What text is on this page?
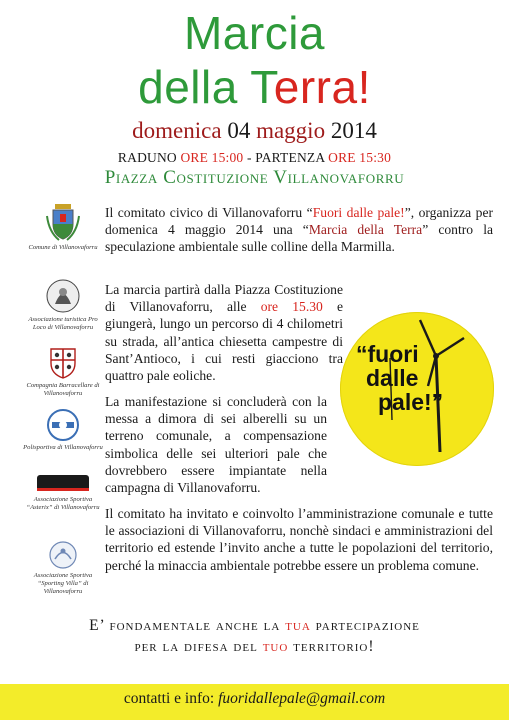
Marcia
della Terra!
domenica 04 maggio 2014
RADUNO ORE 15:00 - PARTENZA ORE 15:30
Piazza Costituzione Villanovaforru
Comune di Villanovaforru
Associazione turistica Pro Loco di Villanovaforru
Compagnia Barracellare di Villanovaforru
Polisportiva di Villanovaforru
Associazione Sportiva “Asterix” di Villanovaforru
Associazione Sportiva “Sporting Villa” di Villanovaforru
Il comitato civico di Villanovaforru “Fuori dalle pale!”, organizza per domenica 4 maggio 2014 una “Marcia della Terra” contro la speculazione ambientale sulle colline della Marmilla.
La marcia partirà dalla Piazza Costituzione di Villanovaforru, alle ore 15.30 e giungerà, lungo un percorso di 4 chilometri su strada, all’antica chiesetta campestre di Sant’Antioco, i cui resti giacciono tra quattro pale eoliche.
La manifestazione si concluderà con la messa a dimora di sei alberelli su un terreno comunale, a compensazione simbolica delle sei ulteriori pale che dovrebbero essere impiantate nella campagna di Villanovaforru.
Il comitato ha invitato e coinvolto l’amministrazione comunale e tutte le associazioni di Villanovaforru, nonchè sindaci e amministrazioni del territorio ed estende l’invito anche a tutte le popolazioni del territorio, perché la minaccia ambientale potrebbe essere un problema comune.
“fuori
dalle
pale!”
E’ fondamentale anche la tua partecipazione
per la difesa del tuo territorio!
contatti e info: fuoridallepale@gmail.com
